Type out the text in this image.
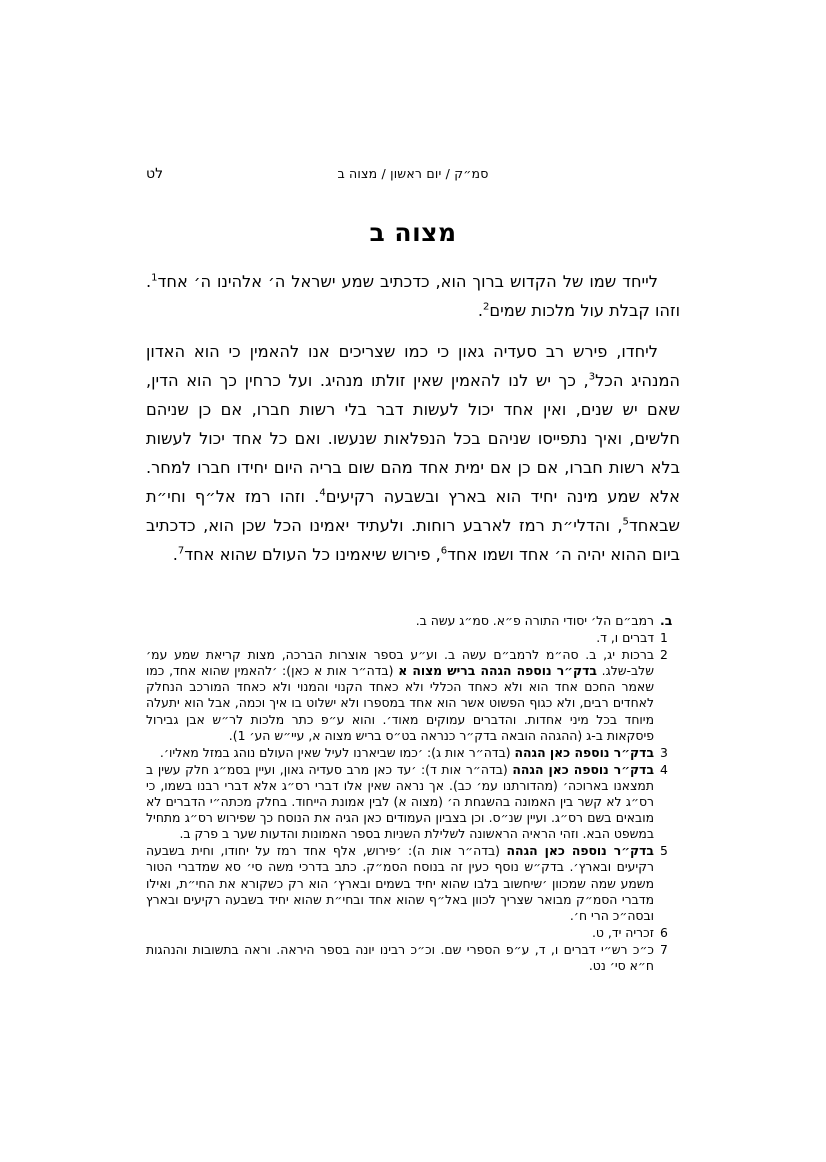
לט	סמ״ק / יום ראשון / מצוה ב
מצוה ב

לייחד שמו של הקדוש ברוך הוא, כדכתיב שמע ישראל ה׳ אלהינו ה׳ אחד$^1$. וזהו קבלת עול מלכות שמים$^2$.

ליחדו, פירש רב סעדיה גאון כי כמו שצריכים אנו להאמין כי הוא האדון המנהיג הכל$^3$, כך יש לנו להאמין שאין זולתו מנהיג. ועל כרחין כך הוא הדין, שאם יש שנים, ואין אחד יכול לעשות דבר בלי רשות חברו, אם כן שניהם חלשים, ואיך נתפייסו שניהם בכל הנפלאות שנעשו. ואם כל אחד יכול לעשות בלא רשות חברו, אם כן אם ימית אחד מהם שום בריה היום יחידו חברו למחר. אלא שמע מינה יחיד הוא בארץ ובשבעה רקיעים$^4$. וזהו רמז אל״ף וחי״ת שבאחד$^5$, והדלי״ת רמז לארבע רוחות. ולעתיד יאמינו הכל שכן הוא, כדכתיב ביום ההוא יהיה ה׳ אחד ושמו אחד$^6$, פירוש שיאמינו כל העולם שהוא אחד$^7$.

ב.
רמב״ם הל׳ יסודי התורה פ״א. סמ״ג עשה ב.
1
דברים ו, ד.
2
ברכות יג, ב. סה״מ לרמב״ם עשה ב. וע״ע בספר אוצרות הברכה, מצות קריאת שמע עמ׳ שלב-שלג. בדק״ר נוספה הגהה בריש מצוה א (בדה״ר אות א כאן): ׳להאמין שהוא אחד, כמו שאמר החכם אחד הוא ולא כאחד הכללי ולא כאחד הקנוי והמנוי ולא כאחד המורכב הנחלק לאחדים רבים, ולא כגוף הפשוט אשר הוא אחד במספרו ולא ישלוט בו איך וכמה, אבל הוא יתעלה מיוחד בכל מיני אחדות. והדברים עמוקים מאוד׳. והוא ע״פ כתר מלכות לר״ש אבן גבירול פיסקאות ב-ג (ההגהה הובאה בדק״ר כנראה בט״ס בריש מצוה א, עיי״ש הע׳ 1).
3
בדק״ר נוספה כאן הגהה (בדה״ר אות ג): ׳כמו שביארנו לעיל שאין העולם נוהג במזל מאליו׳.
4
בדק״ר נוספה כאן הגהה (בדה״ר אות ד): ׳עד כאן מרב סעדיה גאון, ועיין בסמ״ג חלק עשין ב תמצאנו בארוכה׳ (מהדורתנו עמ׳ כב). אך נראה שאין אלו דברי רס״ג אלא דברי רבנו בשמו, כי רס״ג לא קשר בין האמונה בהשגחת ה׳ (מצוה א) לבין אמונת הייחוד. בחלק מכתה״י הדברים לא מובאים בשם רס״ג. ועיין שנ״ס. וכן בצביון העמודים כאן הגיה את הנוסח כך שפירוש רס״ג מתחיל במשפט הבא. וזהי הראיה הראשונה לשלילת השניות בספר האמונות והדעות שער ב פרק ב.
5
בדק״ר נוספה כאן הגהה (בדה״ר אות ה): ׳פירוש, אלף אחד רמז על יחודו, וחית בשבעה רקיעים ובארץ׳. בדק״ש נוסף כעין זה בנוסח הסמ״ק. כתב בדרכי משה סי׳ סא שמדברי הטור משמע שמה שמכוון ׳שיחשוב בלבו שהוא יחיד בשמים ובארץ׳ הוא רק כשקורא את החי״ת, ואילו מדברי הסמ״ק מבואר שצריך לכוון באל״ף שהוא אחד ובחי״ת שהוא יחיד בשבעה רקיעים ובארץ ובסה״כ הרי ח׳.
6
זכריה יד, ט.
7
כ״כ רש״י דברים ו, ד, ע״פ הספרי שם. וכ״כ רבינו יונה בספר היראה. וראה בתשובות והנהגות ח״א סי׳ נט.
